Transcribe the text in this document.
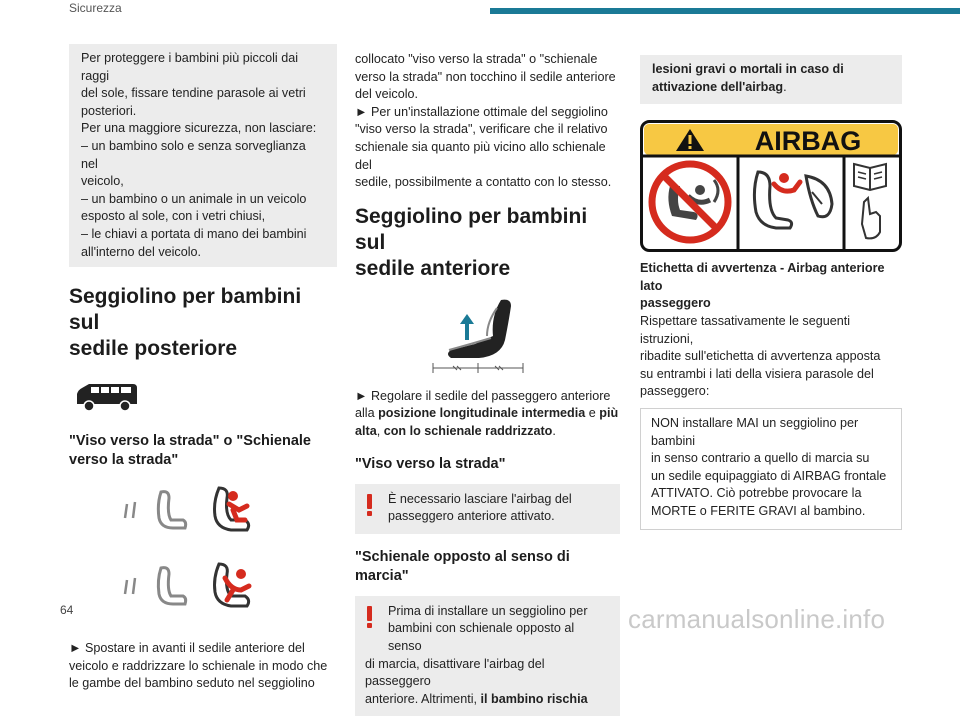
Sicurezza

Per proteggere i bambini più piccoli dai raggi

del sole, fissare tendine parasole ai vetri

posteriori.

Per una maggiore sicurezza, non lasciare:

– un bambino solo e senza sorveglianza nel

veicolo,

– un bambino o un animale in un veicolo

esposto al sole, con i vetri chiusi,

– le chiavi a portata di mano dei bambini

all'interno del veicolo.

Seggiolino per bambini sul
sedile posteriore
"Viso verso la strada" o "Schienale
verso la strada"

► Spostare in avanti il sedile anteriore del

veicolo e raddrizzare lo schienale in modo che

le gambe del bambino seduto nel seggiolino

collocato "viso verso la strada" o "schienale

verso la strada" non tocchino il sedile anteriore

del veicolo.

► Per un'installazione ottimale del seggiolino

"viso verso la strada", verificare che il relativo

schienale sia quanto più vicino allo schienale del

sedile, possibilmente a contatto con lo stesso.

Seggiolino per bambini sul
sedile anteriore

► Regolare il sedile del passeggero anteriore

alla posizione longitudinale intermedia e più

alta, con lo schienale raddrizzato.

"Viso verso la strada"

È necessario lasciare l'airbag del

passeggero anteriore attivato.

"Schienale opposto al senso di
marcia"

Prima di installare un seggiolino per

bambini con schienale opposto al senso

di marcia, disattivare l'airbag del passeggero

anteriore. Altrimenti, il bambino rischia

lesioni gravi o mortali in caso di

attivazione dell'airbag.

AIRBAG

Etichetta di avvertenza - Airbag anteriore lato

passeggero

Rispettare tassativamente le seguenti istruzioni,

ribadite sull'etichetta di avvertenza apposta

su entrambi i lati della visiera parasole del

passeggero:

NON installare MAI un seggiolino per bambini

in senso contrario a quello di marcia su

un sedile equipaggiato di AIRBAG frontale

ATTIVATO. Ciò potrebbe provocare la

MORTE o FERITE GRAVI al bambino.

64	carmanualsonline.info
